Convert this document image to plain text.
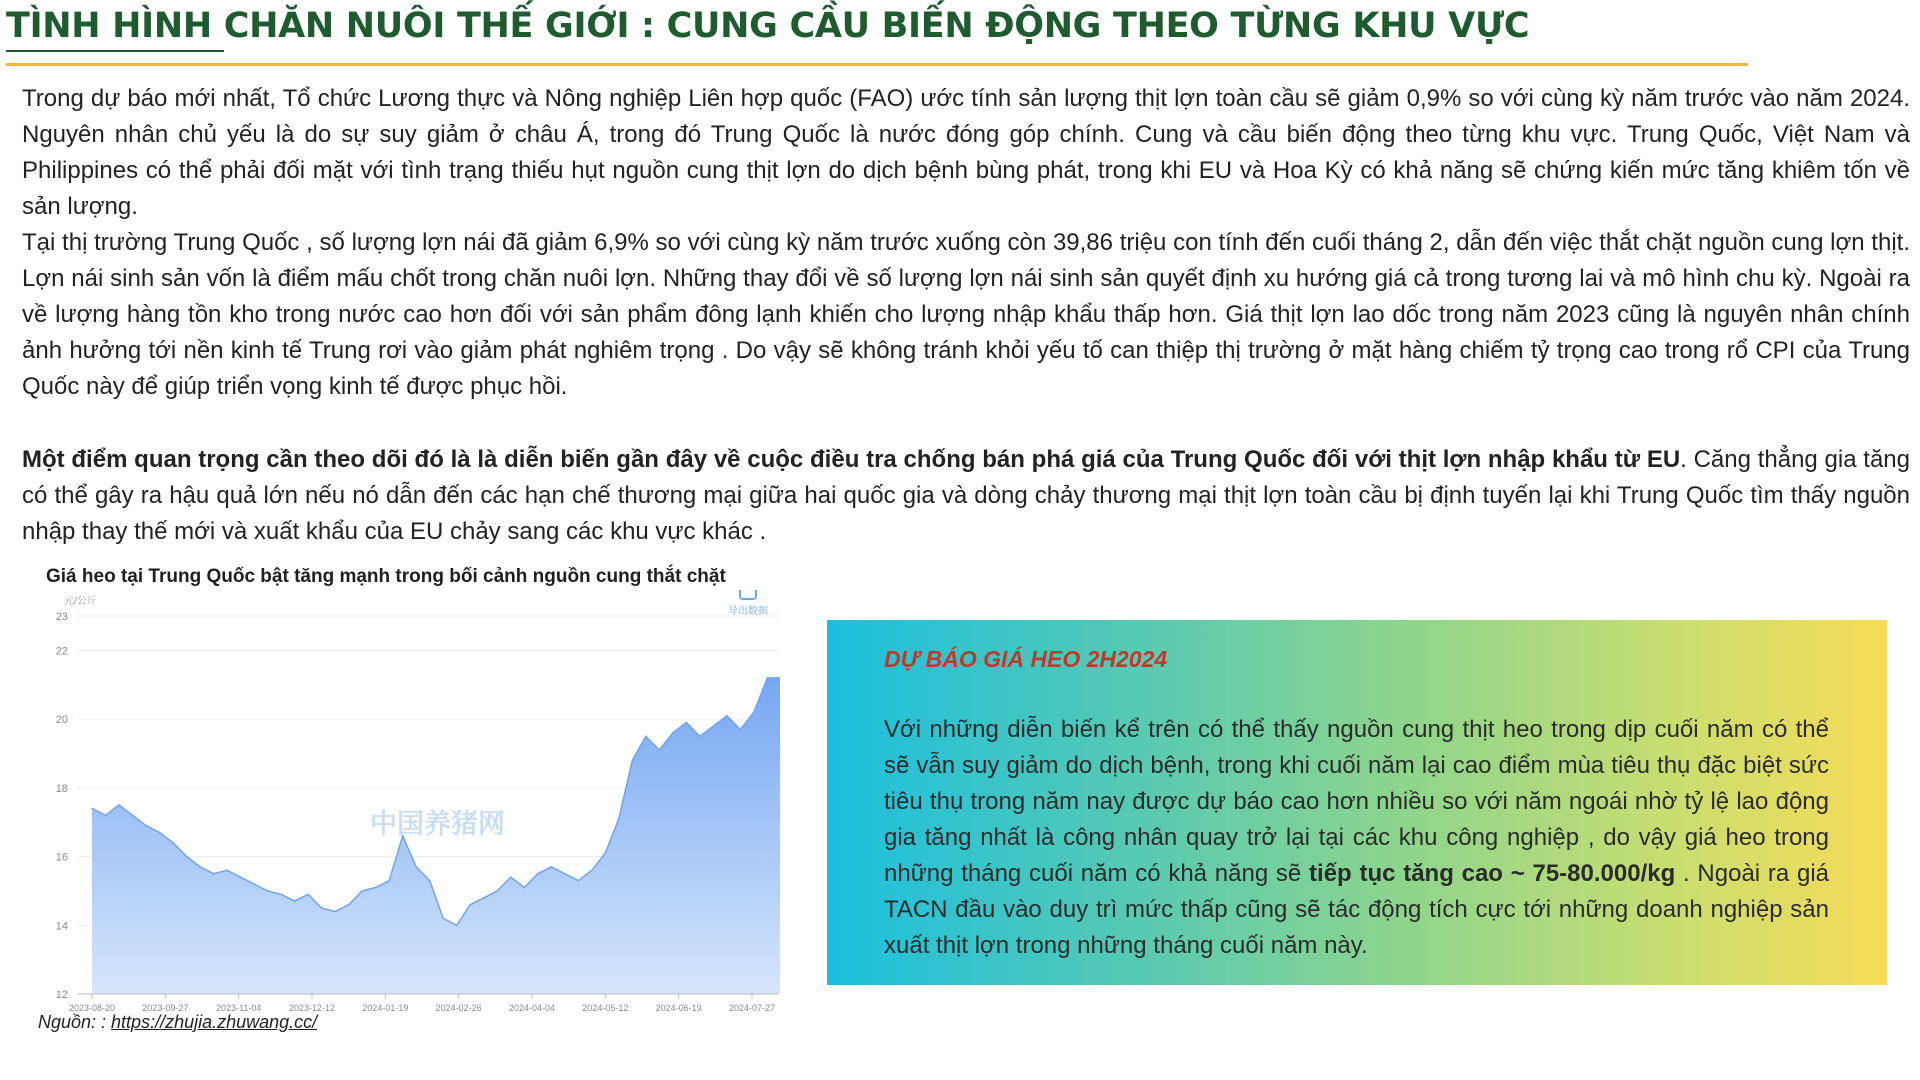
TÌNH HÌNH CHĂN NUÔI THẾ GIỚI : CUNG CẦU BIẾN ĐỘNG THEO TỪNG KHU VỰC

Trong dự báo mới nhất, Tổ chức Lương thực và Nông nghiệp Liên hợp quốc (FAO) ước tính sản lượng thịt lợn toàn cầu sẽ giảm 0,9% so với cùng kỳ năm trước vào năm 2024. Nguyên nhân chủ yếu là do sự suy giảm ở châu Á, trong đó Trung Quốc là nước đóng góp chính. Cung và cầu biến động theo từng khu vực. Trung Quốc, Việt Nam và Philippines có thể phải đối mặt với tình trạng thiếu hụt nguồn cung thịt lợn do dịch bệnh bùng phát, trong khi EU và Hoa Kỳ có khả năng sẽ chứng kiến mức tăng khiêm tốn về sản lượng.

Tại thị trường Trung Quốc , số lượng lợn nái đã giảm 6,9% so với cùng kỳ năm trước xuống còn 39,86 triệu con tính đến cuối tháng 2, dẫn đến việc thắt chặt nguồn cung lợn thịt. Lợn nái sinh sản vốn là điểm mấu chốt trong chăn nuôi lợn. Những thay đổi về số lượng lợn nái sinh sản quyết định xu hướng giá cả trong tương lai và mô hình chu kỳ. Ngoài ra về lượng hàng tồn kho trong nước cao hơn đối với sản phẩm đông lạnh khiến cho lượng nhập khẩu thấp hơn. Giá thịt lợn lao dốc trong năm 2023 cũng là nguyên nhân chính ảnh hưởng tới nền kinh tế Trung rơi vào giảm phát nghiêm trọng . Do vậy sẽ không tránh khỏi yếu tố can thiệp thị trường ở mặt hàng chiếm tỷ trọng cao trong rổ CPI của Trung Quốc này để giúp triển vọng kinh tế được phục hồi.

Một điểm quan trọng cần theo dõi đó là là diễn biến gần đây về cuộc điều tra chống bán phá giá của Trung Quốc đối với thịt lợn nhập khẩu từ EU. Căng thẳng gia tăng có thể gây ra hậu quả lớn nếu nó dẫn đến các hạn chế thương mại giữa hai quốc gia và dòng chảy thương mại thịt lợn toàn cầu bị định tuyến lại khi Trung Quốc tìm thấy nguồn nhập thay thế mới và xuất khẩu của EU chảy sang các khu vực khác .

Giá heo tại Trung Quốc bật tăng mạnh trong bối cảnh nguồn cung thắt chặt
元/公斤
导出数据
12
14
16
18
20
22
23
2023-08-20	2023-09-27	2023-11-04	2023-12-12	2024-01-19	2024-02-26	2024-04-04	2024-05-12	2024-06-19	2024-07-27
中国养猪网
Nguồn: : https://zhujia.zhuwang.cc/
DỰ BÁO GIÁ HEO 2H2024

Với những diễn biến kể trên có thể thấy nguồn cung thịt heo trong dịp cuối năm có thể sẽ vẫn suy giảm do dịch bệnh, trong khi cuối năm lại cao điểm mùa tiêu thụ đặc biệt sức tiêu thụ trong năm nay được dự báo cao hơn nhiều so với năm ngoái nhờ tỷ lệ lao động gia tăng nhất là công nhân quay trở lại tại các khu công nghiệp , do vậy giá heo trong những tháng cuối năm có khả năng sẽ tiếp tục tăng cao ~ 75-80.000/kg . Ngoài ra giá TACN đầu vào duy trì mức thấp cũng sẽ tác động tích cực tới những doanh nghiệp sản xuất thịt lợn trong những tháng cuối năm này.
